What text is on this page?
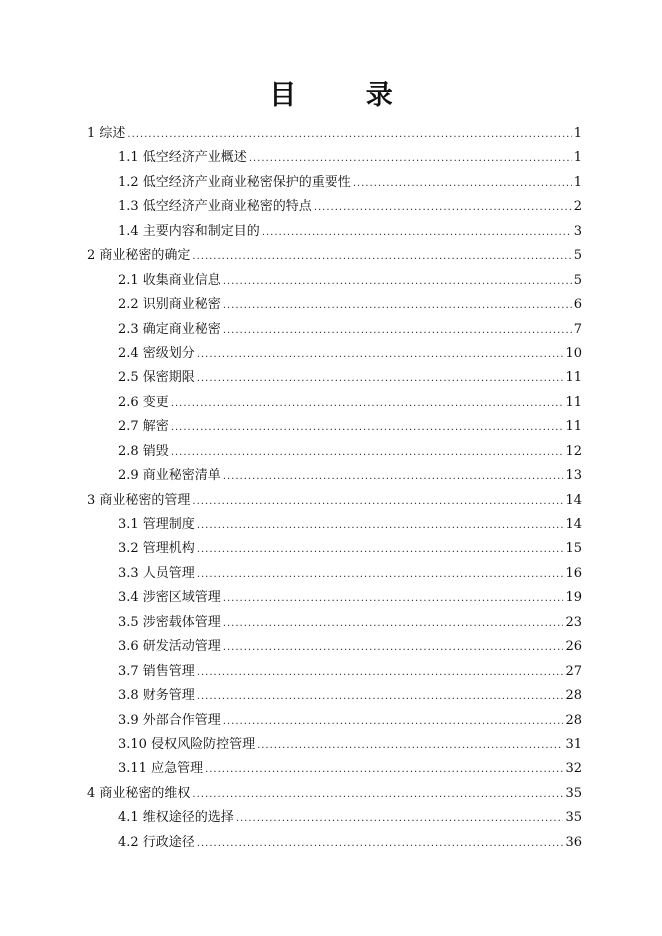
目 录
1 综述 .....	1
1.1 低空经济产业概述 .....	1
1.2 低空经济产业商业秘密保护的重要性 .....	1
1.3 低空经济产业商业秘密的特点 .....	2
1.4 主要内容和制定目的 .....	3
2 商业秘密的确定 .....	5
2.1 收集商业信息 .....	5
2.2 识别商业秘密 .....	6
2.3 确定商业秘密 .....	7
2.4 密级划分 .....	10
2.5 保密期限 .....	11
2.6 变更 .....	11
2.7 解密 .....	11
2.8 销毁 .....	12
2.9 商业秘密清单 .....	13
3 商业秘密的管理 .....	14
3.1 管理制度 .....	14
3.2 管理机构 .....	15
3.3 人员管理 .....	16
3.4 涉密区域管理 .....	19
3.5 涉密载体管理 .....	23
3.6 研发活动管理 .....	26
3.7 销售管理 .....	27
3.8 财务管理 .....	28
3.9 外部合作管理 .....	28
3.10 侵权风险防控管理 .....	31
3.11 应急管理 .....	32
4 商业秘密的维权 .....	35
4.1 维权途径的选择 .....	35
4.2 行政途径 .....	36
